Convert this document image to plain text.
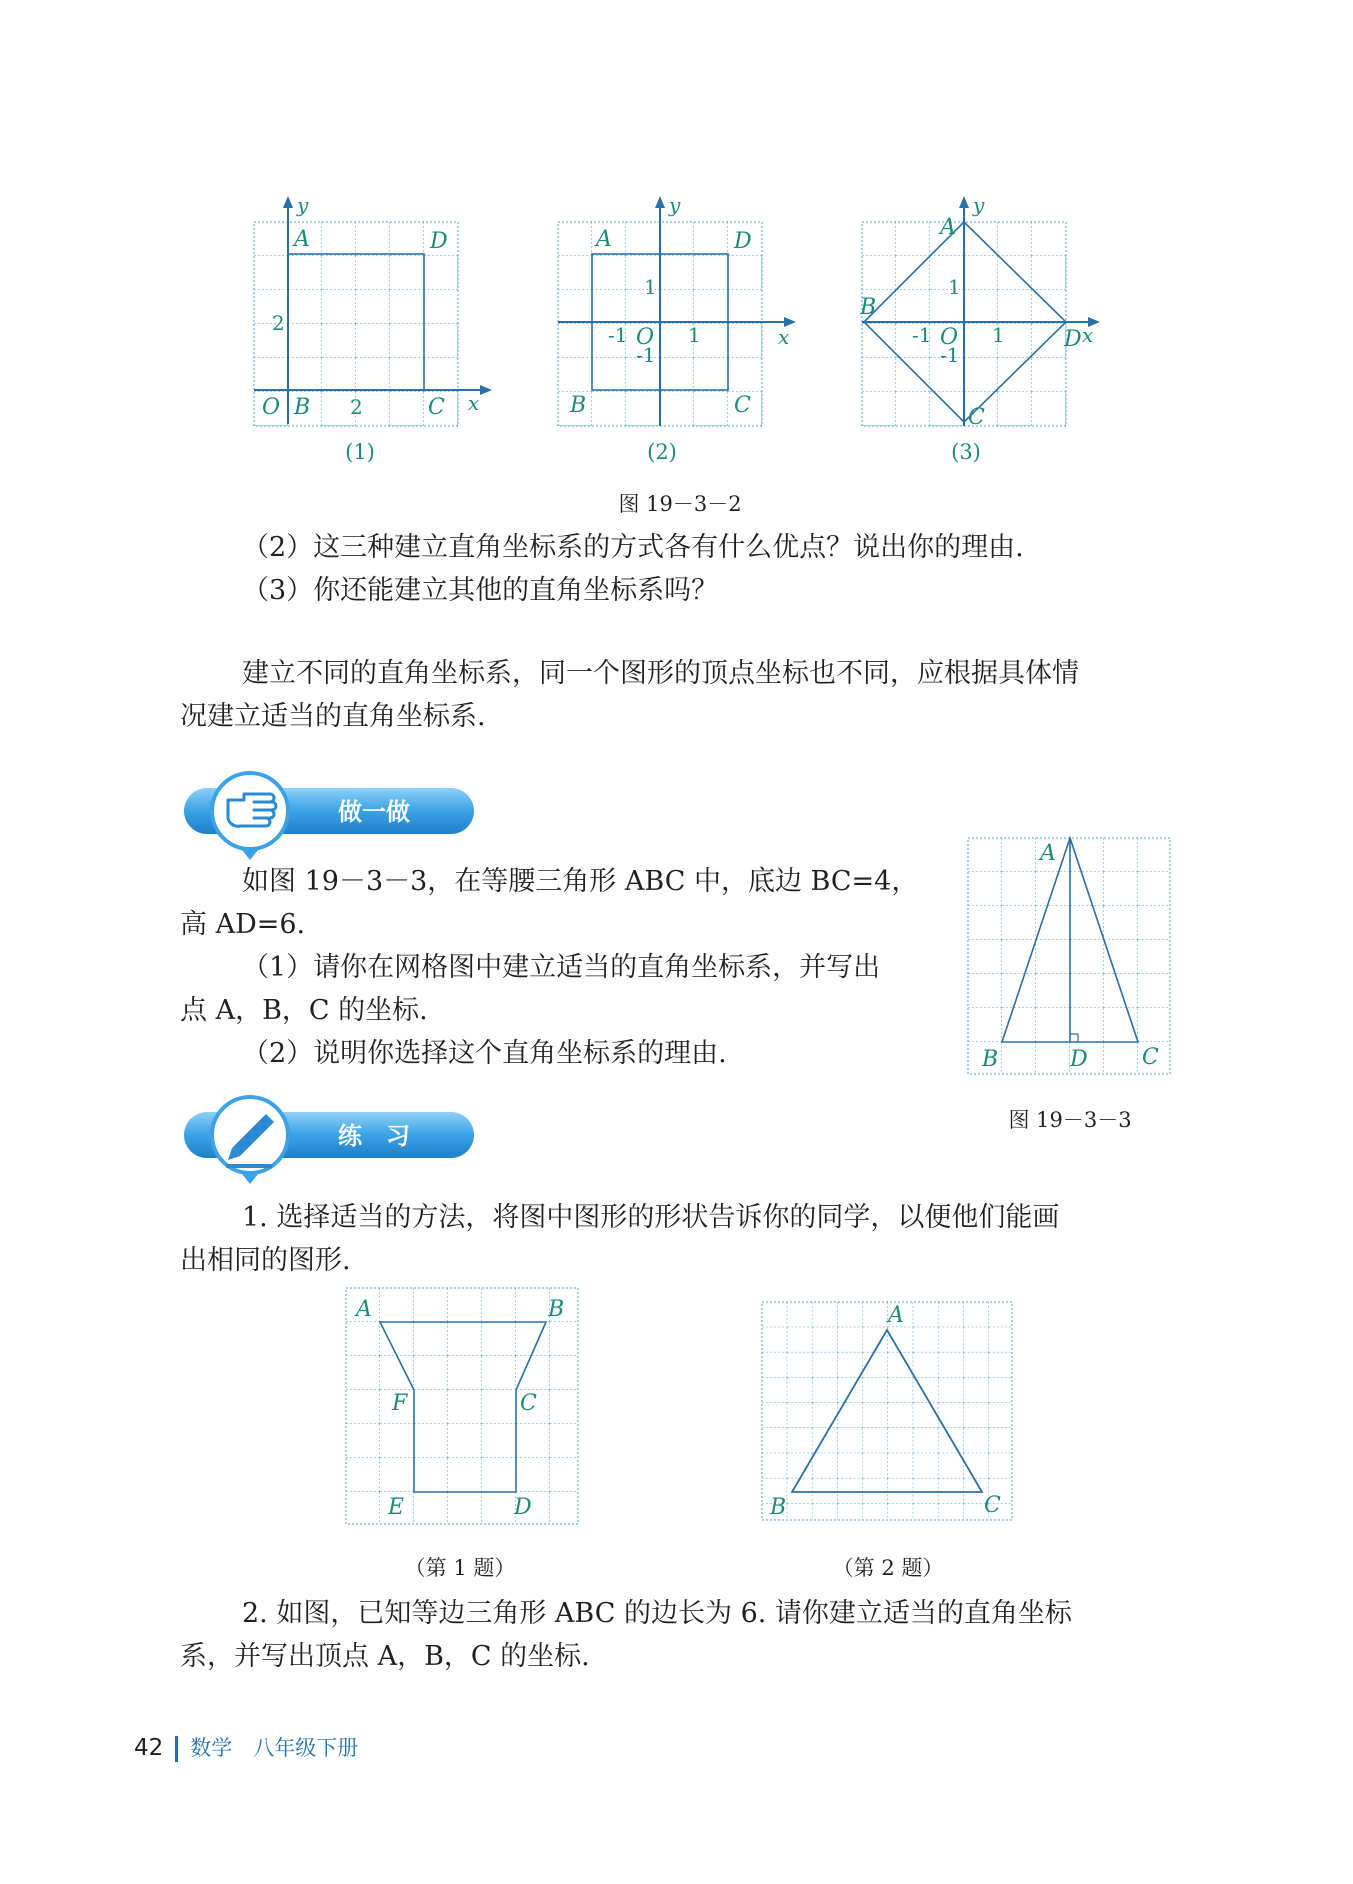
y
x
A	D
O B	C
2
2
(1)
y
x
A	D
B	C
O
1
-1
-1	1
(2)
y
x
A
B
C
D
O
1
-1
-1	1
(3)
图 19－3－2
（2）这三种建立直角坐标系的方式各有什么优点？说出你的理由.
（3）你还能建立其他的直角坐标系吗？
建立不同的直角坐标系，同一个图形的顶点坐标也不同，应根据具体情
况建立适当的直角坐标系.
做一做
如图 19－3－3，在等腰三角形 ABC 中，底边 BC=4，
高 AD=6.
（1）请你在网格图中建立适当的直角坐标系，并写出
点 A，B，C 的坐标.
（2）说明你选择这个直角坐标系的理由.
A
B	D C
图 19－3－3
练　习
1. 选择适当的方法，将图中图形的形状告诉你的同学，以便他们能画
出相同的图形.
A	B
C
F
E	D
（第 1 题）
A
B	C
（第 2 题）
2. 如图，已知等边三角形 ABC 的边长为 6. 请你建立适当的直角坐标
系，并写出顶点 A，B，C 的坐标.
42 数学　八年级下册
